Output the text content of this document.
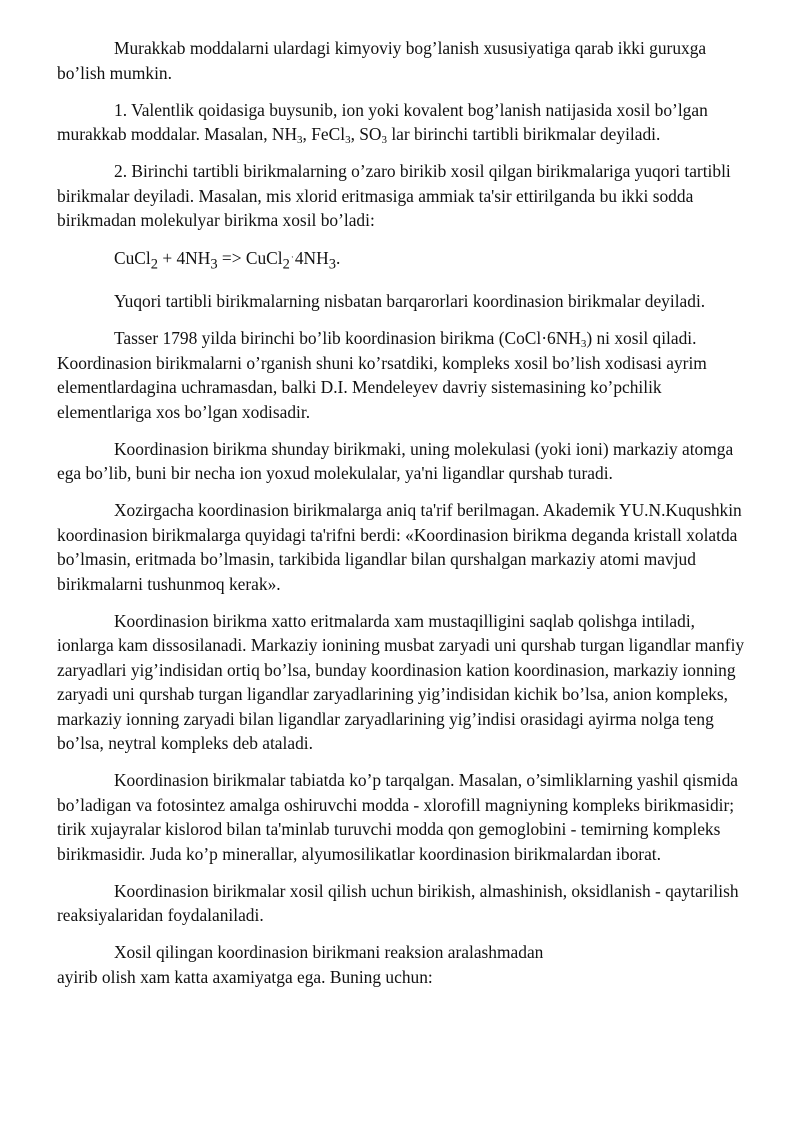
Murakkab moddalarni ulardagi kimyoviy bog’lanish xususiyatiga qarab ikki guruxga bo’lish mumkin.

1. Valentlik qoidasiga buysunib, ion yoki kovalent bog’lanish natijasida xosil bo’lgan murakkab moddalar. Masalan, $NH_3$, FeCl$_3$, $SO_3$ lar birinchi tartibli birikmalar deyiladi.

2. Birinchi tartibli birikmalarning o’zaro birikib xosil qilgan birikmalariga yuqori tartibli birikmalar deyiladi. Masalan, mis xlorid eritmasiga ammiak ta'sir ettirilganda bu ikki sodda birikmadan molekulyar birikma xosil bo’ladi:

CuCl$_2$ + $4NH_3$ => $CuCl_2^\cdot 4NH_3$.

Yuqori tartibli birikmalarning nisbatan barqarorlari koordinasion birikmalar deyiladi.

Tasser 1798 yilda birinchi bo’lib koordinasion birikma $(CoCl\cdot 6NH_3)$ ni xosil qiladi. Koordinasion birikmalarni o’rganish shuni ko’rsatdiki, kompleks xosil bo’lish xodisasi ayrim elementlardagina uchramasdan, balki D.I. Mendeleyev davriy sistemasining ko’pchilik elementlariga xos bo’lgan xodisadir.

Koordinasion birikma shunday birikmaki, uning molekulasi (yoki ioni) markaziy atomga ega bo’lib, buni bir necha ion yoxud molekulalar, ya'ni ligandlar qurshab turadi.

Xozirgacha koordinasion birikmalarga aniq ta'rif berilmagan. Akademik YU.N.Kuqushkin koordinasion birikmalarga quyidagi ta'rifni berdi: «Koordinasion birikma deganda kristall xolatda bo’lmasin, eritmada bo’lmasin, tarkibida ligandlar bilan qurshalgan markaziy atomi mavjud birikmalarni tushunmoq kerak».

Koordinasion birikma xatto eritmalarda xam mustaqilligini saqlab qolishga intiladi, ionlarga kam dissosilanadi. Markaziy ionining musbat zaryadi uni qurshab turgan ligandlar manfiy zaryadlari yig’indisidan ortiq bo’lsa, bunday koordinasion kation koordinasion, markaziy ionning zaryadi uni qurshab turgan ligandlar zaryadlarining yig’indisidan kichik bo’lsa, anion kompleks, markaziy ionning zaryadi bilan ligandlar zaryadlarining yig’indisi orasidagi ayirma nolga teng bo’lsa, neytral kompleks deb ataladi.

Koordinasion birikmalar tabiatda ko’p tarqalgan. Masalan, o’simliklarning yashil qismida bo’ladigan va fotosintez amalga oshiruvchi modda - xlorofill magniyning kompleks birikmasidir; tirik xujayralar kislorod bilan ta'minlab turuvchi modda qon gemoglobini - temirning kompleks birikmasidir. Juda ko’p minerallar, alyumosilikatlar koordinasion birikmalardan iborat.

Koordinasion birikmalar xosil qilish uchun birikish, almashinish, oksidlanish - qaytarilish reaksiyalaridan foydalaniladi.

Xosil qilingan koordinasion birikmani reaksion aralashmadan
ayirib olish xam katta axamiyatga ega. Buning uchun:
